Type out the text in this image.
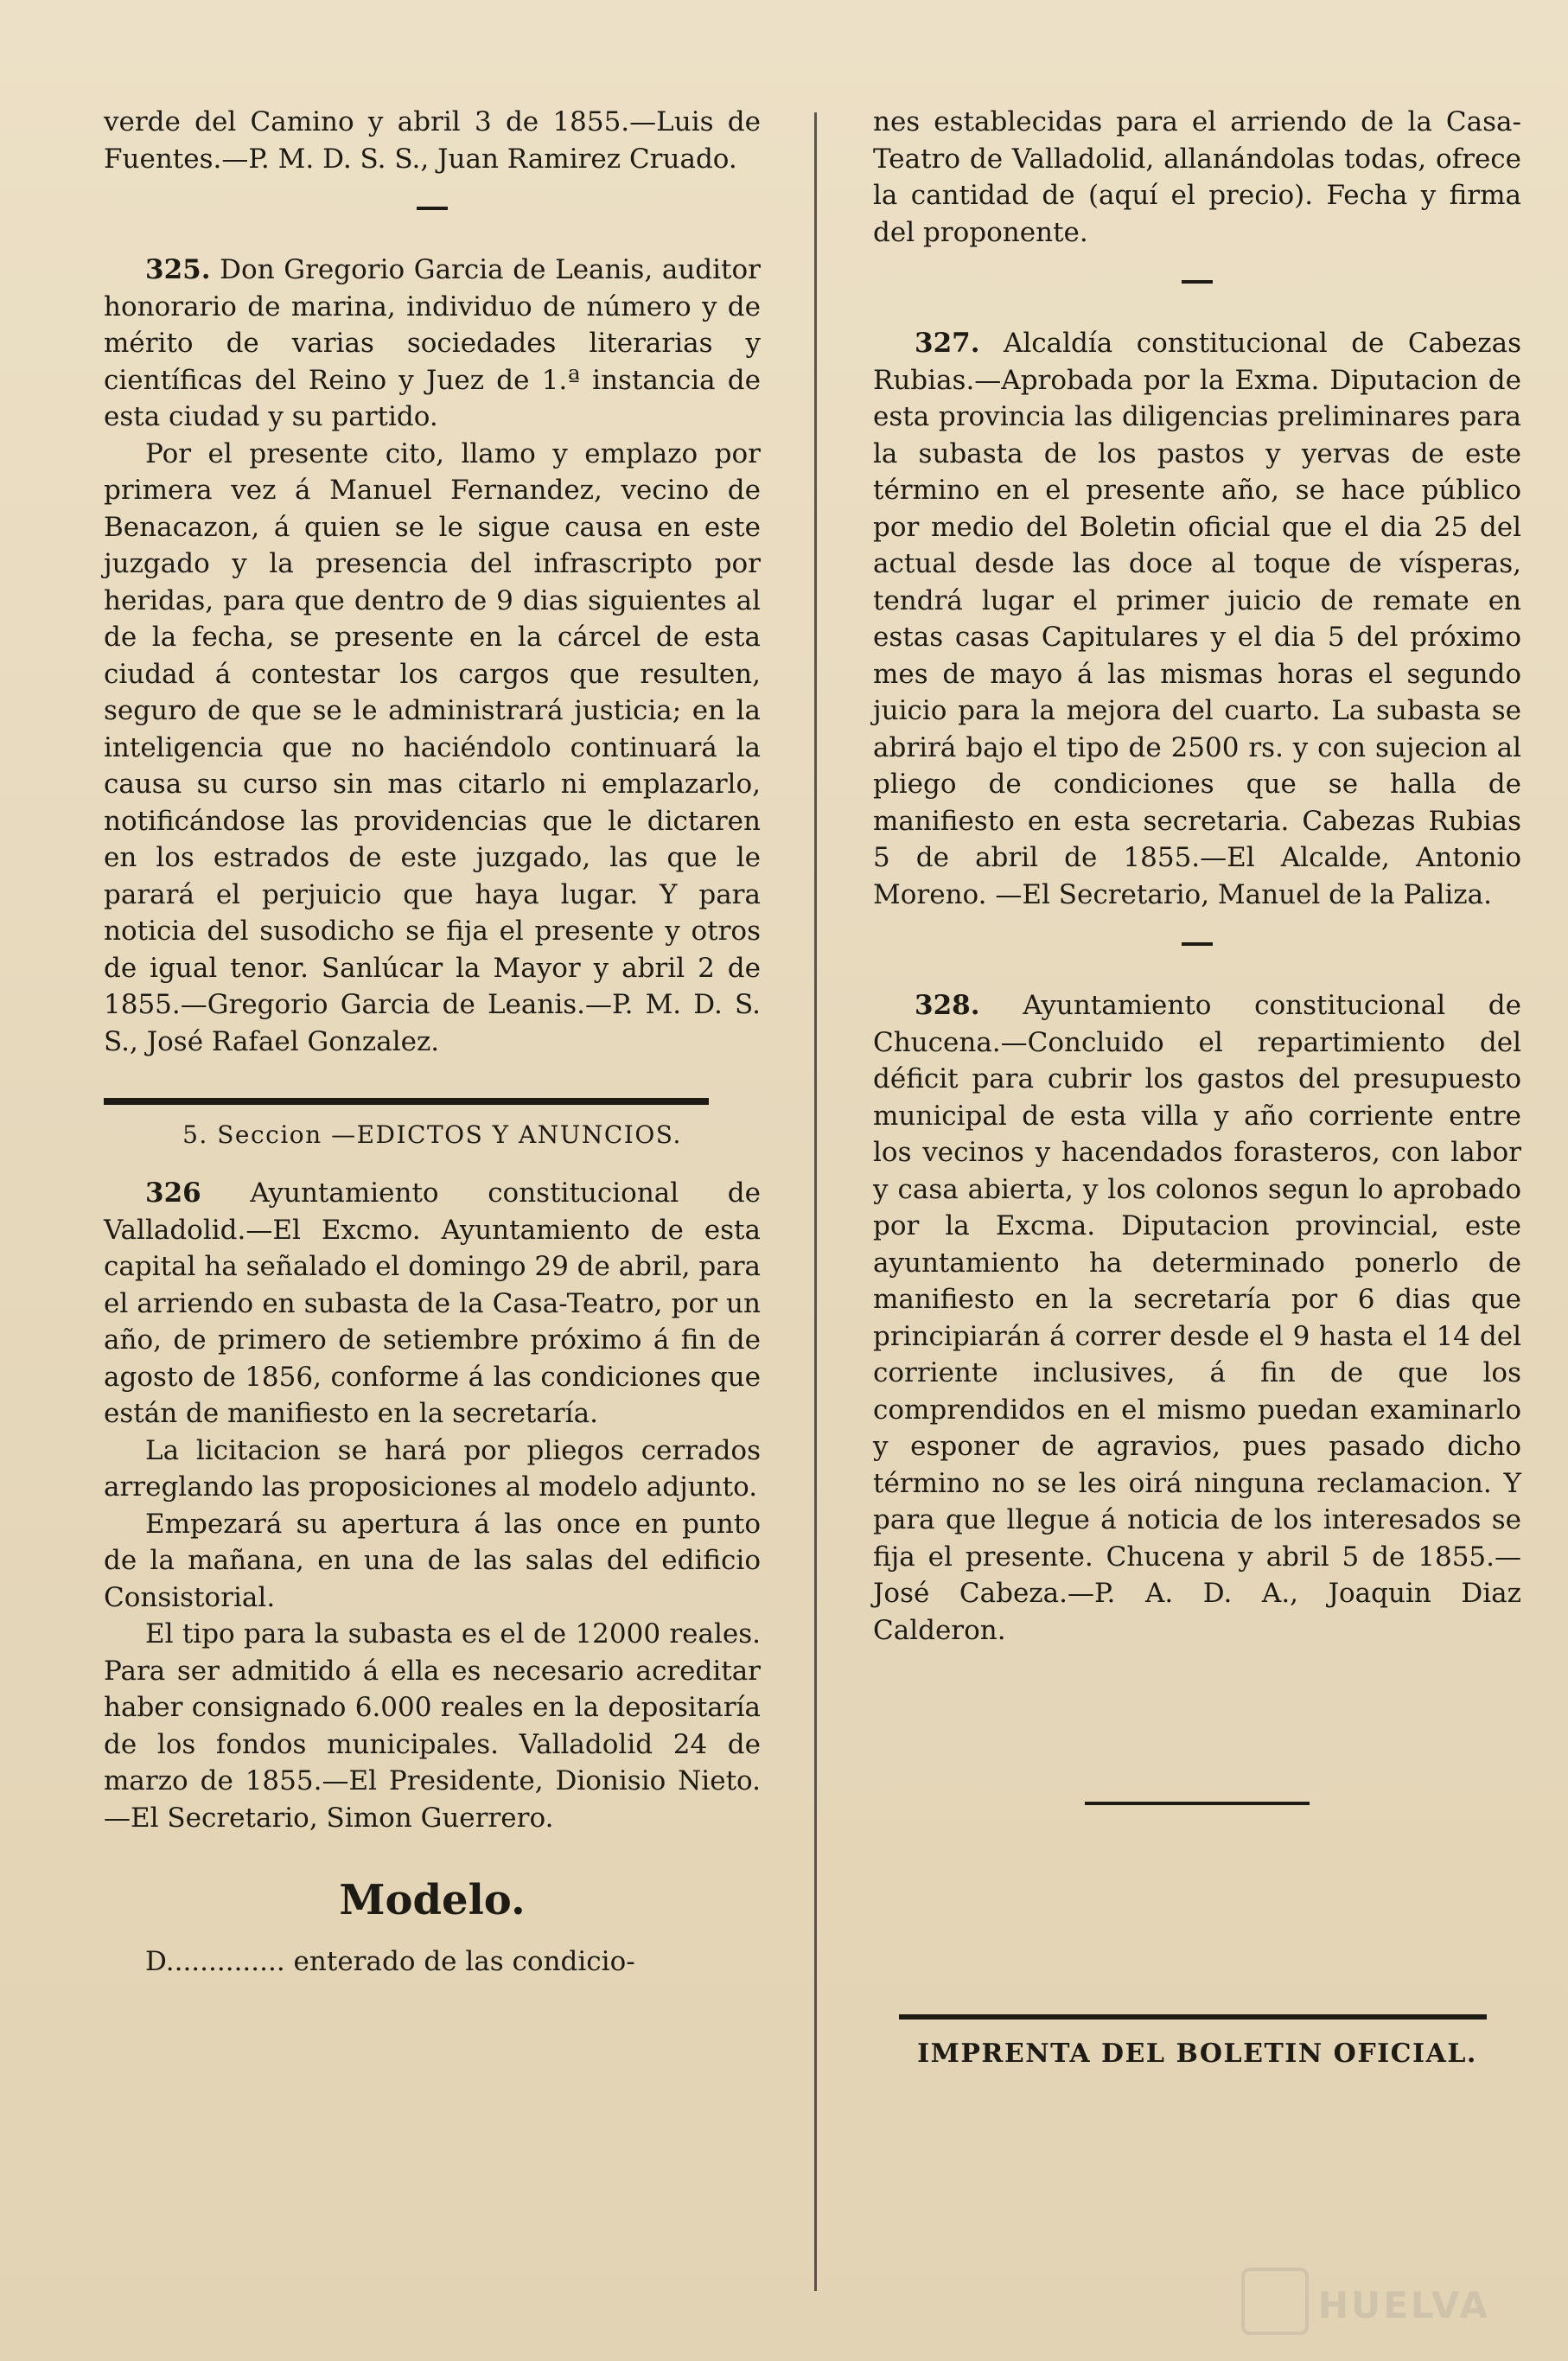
verde del Camino y abril 3 de 1855.—Luis de Fuentes.—P. M. D. S. S., Juan Ramirez Cruado.

325. Don Gregorio Garcia de Leanis, auditor honorario de marina, individuo de número y de mérito de varias sociedades literarias y científicas del Reino y Juez de 1.ª instancia de esta ciudad y su partido.

Por el presente cito, llamo y emplazo por primera vez á Manuel Fernandez, vecino de Benacazon, á quien se le sigue causa en este juzgado y la presencia del infrascripto por heridas, para que dentro de 9 dias siguientes al de la fecha, se presente en la cárcel de esta ciudad á contestar los cargos que resulten, seguro de que se le administrará justicia; en la inteligencia que no haciéndolo continuará la causa su curso sin mas citarlo ni emplazarlo, notificándose las providencias que le dictaren en los estrados de este juzgado, las que le parará el perjuicio que haya lugar. Y para noticia del susodicho se fija el presente y otros de igual tenor. Sanlúcar la Mayor y abril 2 de 1855.—Gregorio Garcia de Leanis.—P. M. D. S. S., José Rafael Gonzalez.

5. Seccion —EDICTOS Y ANUNCIOS.

326 Ayuntamiento constitucional de Valladolid.—El Excmo. Ayuntamiento de esta capital ha señalado el domingo 29 de abril, para el arriendo en subasta de la Casa-Teatro, por un año, de primero de setiembre próximo á fin de agosto de 1856, conforme á las condiciones que están de manifiesto en la secretaría.

La licitacion se hará por pliegos cerrados arreglando las proposiciones al modelo adjunto.

Empezará su apertura á las once en punto de la mañana, en una de las salas del edificio Consistorial.

El tipo para la subasta es el de 12000 reales. Para ser admitido á ella es necesario acreditar haber consignado 6.000 reales en la depositaría de los fondos municipales. Valladolid 24 de marzo de 1855.—El Presidente, Dionisio Nieto. —El Secretario, Simon Guerrero.

Modelo.

D.............. enterado de las condicio-

nes establecidas para el arriendo de la Casa-Teatro de Valladolid, allanándolas todas, ofrece la cantidad de (aquí el precio). Fecha y firma del proponente.

327. Alcaldía constitucional de Cabezas Rubias.—Aprobada por la Exma. Diputacion de esta provincia las diligencias preliminares para la subasta de los pastos y yervas de este término en el presente año, se hace público por medio del Boletin oficial que el dia 25 del actual desde las doce al toque de vísperas, tendrá lugar el primer juicio de remate en estas casas Capitulares y el dia 5 del próximo mes de mayo á las mismas horas el segundo juicio para la mejora del cuarto. La subasta se abrirá bajo el tipo de 2500 rs. y con sujecion al pliego de condiciones que se halla de manifiesto en esta secretaria. Cabezas Rubias 5 de abril de 1855.—El Alcalde, Antonio Moreno. —El Secretario, Manuel de la Paliza.

328. Ayuntamiento constitucional de Chucena.—Concluido el repartimiento del déficit para cubrir los gastos del presupuesto municipal de esta villa y año corriente entre los vecinos y hacendados forasteros, con labor y casa abierta, y los colonos segun lo aprobado por la Excma. Diputacion provincial, este ayuntamiento ha determinado ponerlo de manifiesto en la secretaría por 6 dias que principiarán á correr desde el 9 hasta el 14 del corriente inclusives, á fin de que los comprendidos en el mismo puedan examinarlo y esponer de agravios, pues pasado dicho término no se les oirá ninguna reclamacion. Y para que llegue á noticia de los interesados se fija el presente. Chucena y abril 5 de 1855.—José Cabeza.—P. A. D. A., Joaquin Diaz Calderon.

IMPRENTA DEL BOLETIN OFICIAL.
HUELVA
